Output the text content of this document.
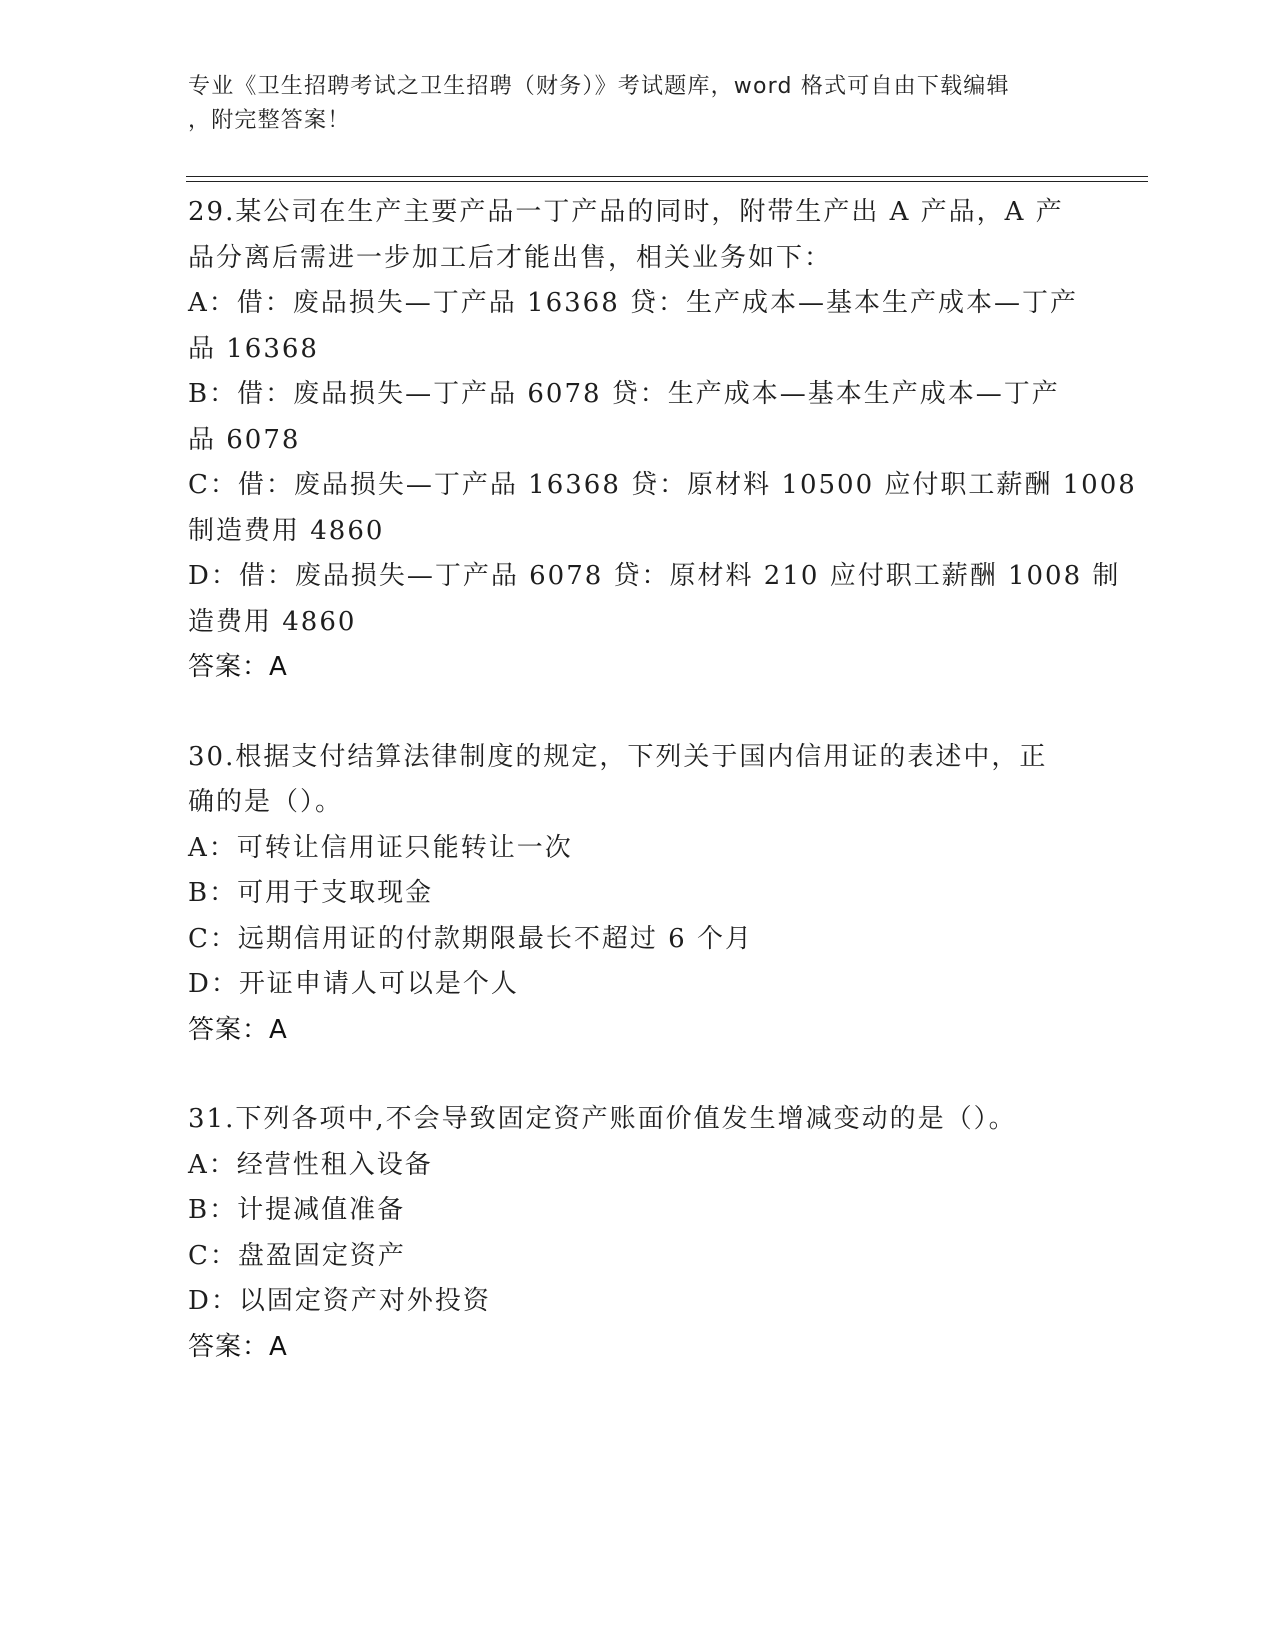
专业《卫生招聘考试之卫生招聘（财务）》考试题库，word 格式可自由下载编辑
，附完整答案！
29.某公司在生产主要产品一丁产品的同时，附带生产出 A 产品，A 产
品分离后需进一步加工后才能出售，相关业务如下：
A：借：废品损失—丁产品 16368 贷：生产成本—基本生产成本—丁产
品 16368
B：借：废品损失—丁产品 6078 贷：生产成本—基本生产成本—丁产
品 6078
C：借：废品损失—丁产品 16368 贷：原材料 10500 应付职工薪酬 1008
制造费用 4860
D：借：废品损失—丁产品 6078 贷：原材料 210 应付职工薪酬 1008 制
造费用 4860
答案：A
30.根据支付结算法律制度的规定，下列关于国内信用证的表述中，正
确的是（）。
A：可转让信用证只能转让一次
B：可用于支取现金
C：远期信用证的付款期限最长不超过 6 个月
D：开证申请人可以是个人
答案：A
31.下列各项中,不会导致固定资产账面价值发生增减变动的是（）。
A：经营性租入设备
B：计提减值准备
C：盘盈固定资产
D：以固定资产对外投资
答案：A
